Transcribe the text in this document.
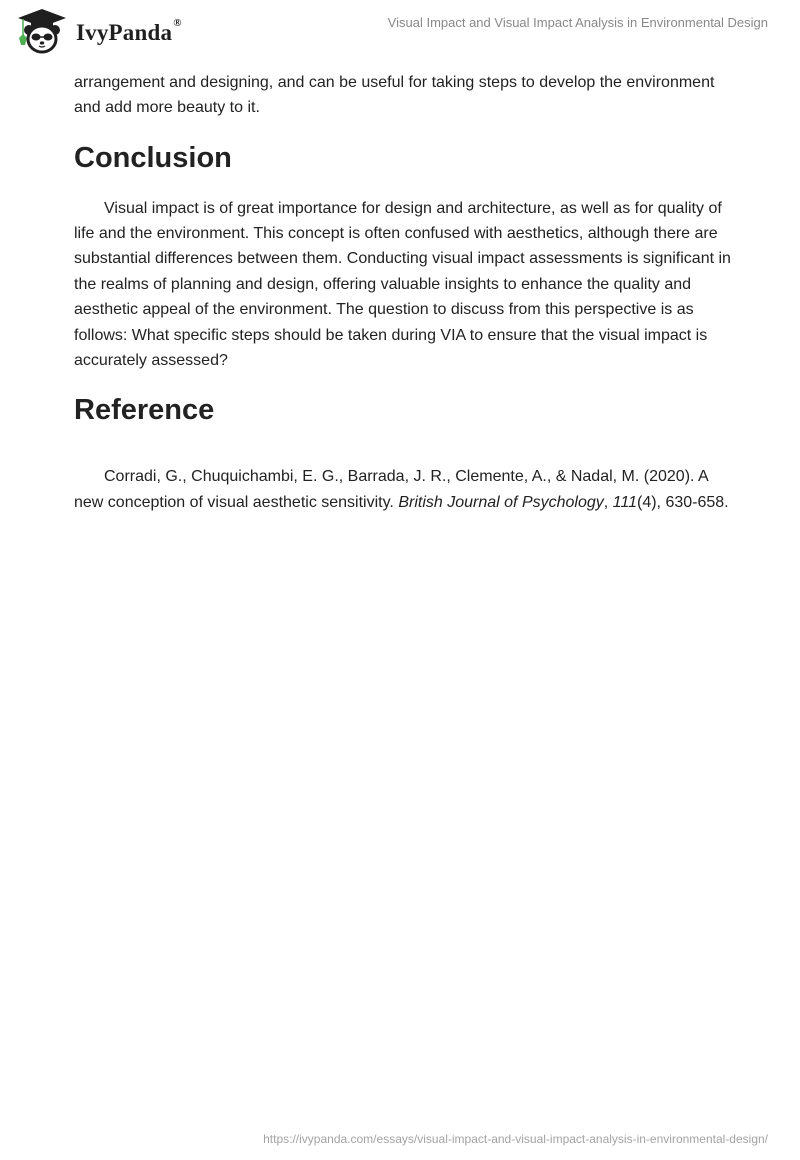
IvyPanda®	Visual Impact and Visual Impact Analysis in Environmental Design

arrangement and designing, and can be useful for taking steps to develop the environment and add more beauty to it.

Conclusion

Visual impact is of great importance for design and architecture, as well as for quality of life and the environment. This concept is often confused with aesthetics, although there are substantial differences between them. Conducting visual impact assessments is significant in the realms of planning and design, offering valuable insights to enhance the quality and aesthetic appeal of the environment. The question to discuss from this perspective is as follows: What specific steps should be taken during VIA to ensure that the visual impact is accurately assessed?

Reference

Corradi, G., Chuquichambi, E. G., Barrada, J. R., Clemente, A., & Nadal, M. (2020). A new conception of visual aesthetic sensitivity. British Journal of Psychology, 111(4), 630-658.

https://ivypanda.com/essays/visual-impact-and-visual-impact-analysis-in-environmental-design/
